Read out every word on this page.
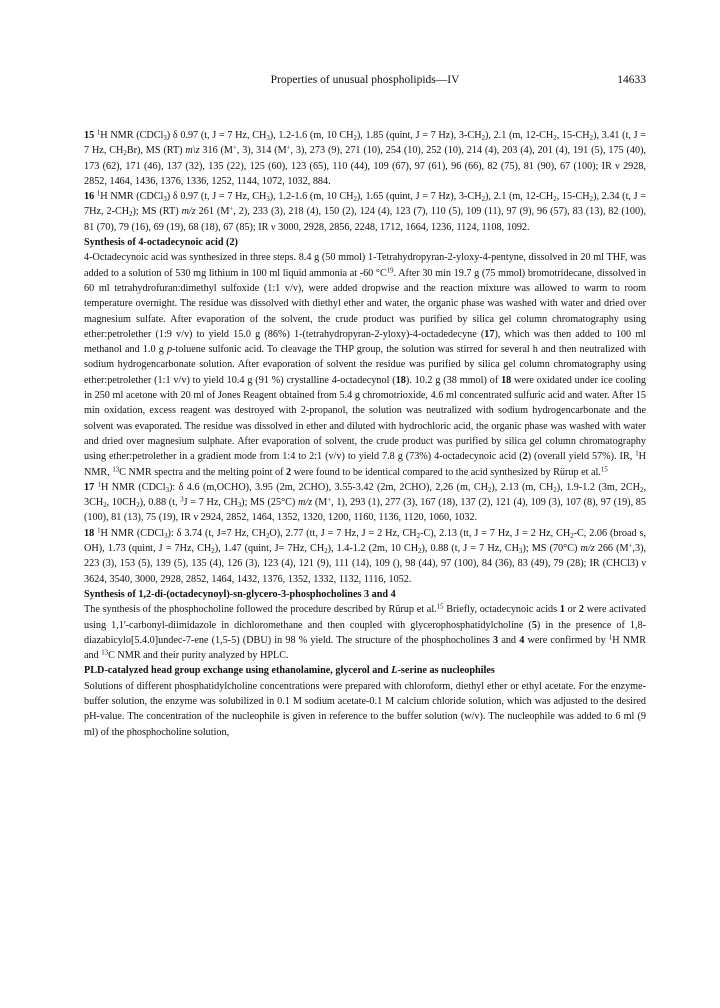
Properties of unusual phospholipids—IV	14633

15 $^1$H NMR (CDCl$_3$) δ 0.97 (t, J = 7 Hz, $CH_3$), 1.2-1.6 (m, 10 $CH_2$), 1.85 (quint, J = 7 Hz), $3-CH_2$), 2.1 (m, $12-CH_2$, $15-CH_2$), 3.41 (t, J = 7 Hz, $CH_2Br$), MS (RT) m\z 316 (M+, 3), 314 (M+, 3), 273 (9), 271 (10), 254 (10), 252 (10), 214 (4), 203 (4), 201 (4), 191 (5), 175 (40), 173 (62), 171 (46), 137 (32), 135 (22), 125 (60), 123 (65), 110 (44), 109 (67), 97 (61), 96 (66), 82 (75), 81 (90), 67 (100); IR ν 2928, 2852, 1464, 1436, 1376, 1336, 1252, 1144, 1072, 1032, 884.

16 $^1$H NMR (CDCl$_3$) δ 0.97 (t, J = 7 Hz, $CH_3$), 1.2-1.6 (m, 10 $CH_2$), 1.65 (quint, J = 7 Hz), $3-CH_2$), 2.1 (m, $12-CH_2$, $15-CH_2$), 2.34 (t, J = 7Hz, $2-CH_2$); MS (RT) m/z 261 (M+, 2), 233 (3), 218 (4), 150 (2), 124 (4), 123 (7), 110 (5), 109 (11), 97 (9), 96 (57), 83 (13), 82 (100), 81 (70), 79 (16), 69 (19), 68 (18), 67 (85); IR ν 3000, 2928, 2856, 2248, 1712, 1664, 1236, 1124, 1108, 1092.

Synthesis of 4-octadecynoic acid (2)

4-Octadecynoic acid was synthesized in three steps. 8.4 g (50 mmol) 1-Tetrahydropyran-2-yloxy-4-pentyne, dissolved in 20 ml THF, was added to a solution of 530 mg lithium in 100 ml liquid ammonia at -60 $^\circ C^{19}$. After 30 min 19.7 g (75 mmol) bromotridecane, dissolved in 60 ml tetrahydrofuran:dimethyl sulfoxide (1:1 v/v), were added dropwise and the reaction mixture was allowed to warm to room temperature overnight. The residue was dissolved with diethyl ether and water, the organic phase was washed with water and dried over magnesium sulfate. After evaporation of the solvent, the crude product was purified by silica gel column chromatography using ether:petrolether (1:9 v/v) to yield 15.0 g (86%) 1-(tetrahydropyran-2-yloxy)-4-octadedecyne (17), which was then added to 100 ml methanol and 1.0 g p-toluene sulfonic acid. To cleavage the THP group, the solution was stirred for several h and then neutralized with sodium hydrogencarbonate solution. After evaporation of solvent the residue was purified by silica gel column chromatography using ether:petrolether (1:1 v/v) to yield 10.4 g (91 %) crystalline 4-octadecynol (18). 10.2 g (38 mmol) of 18 were oxidated under ice cooling in 250 ml acetone with 20 ml of Jones Reagent obtained from 5.4 g chromotrioxide, 4.6 ml concentrated sulfuric acid and water. After 15 min oxidation, excess reagent was destroyed with 2-propanol, the solution was neutralized with sodium hydrogencarbonate and the solvent was evaporated. The residue was dissolved in ether and diluted with hydrochloric acid, the organic phase was washed with water and dried over magnesium sulphate. After evaporation of solvent, the crude product was purified by silica gel column chromatography using ether:petrolether in a gradient mode from 1:4 to 2:1 (v/v) to yield 7.8 g (73%) 4-octadecynoic acid (2) (overall yield 57%). IR, $^1$H NMR, $^{13}$C NMR spectra and the melting point of 2 were found to be identical compared to the acid synthesized by Rürup et al.$^{15}$

17 $^1$H NMR (CDCl$_3$): δ 4.6 (m,OCHO), 3.95 (2m, 2CHO), 3.55-3.42 (2m, 2CHO), 2,26 (m, $CH_2$), 2.13 (m, $CH_2$), 1.9-1.2 (3m, $2CH_2$, $3CH_2$, $10CH_2$), 0.88 (t, $^3$J = 7 Hz, $CH_3$); MS (25°C) m/z (M+, 1), 293 (1), 277 (3), 167 (18), 137 (2), 121 (4), 109 (3), 107 (8), 97 (19), 85 (100), 81 (13), 75 (19), IR ν 2924, 2852, 1464, 1352, 1320, 1200, 1160, 1136, 1120, 1060, 1032.

18 $^1$H NMR (CDCl$_3$): δ 3.74 (t, J=7 Hz, $CH_2O$), 2.77 (tt, J = 7 Hz, J = 2 Hz, $CH_2-C$), 2.13 (tt, J = 7 Hz, J = 2 Hz, $CH_2-C$, 2.06 (broad s, OH), 1.73 (quint, J = 7Hz, $CH_2$), 1.47 (quint, J= 7Hz, $CH_2$), 1.4-1.2 (2m, 10 $CH_2$), 0.88 (t, J = 7 Hz, $CH_3$); MS (70°C) m/z 266 (M+,3), 223 (3), 153 (5), 139 (5), 135 (4), 126 (3), 123 (4), 121 (9), 111 (14), 109 (), 98 (44), 97 (100), 84 (36), 83 (49), 79 (28); IR (CHCl3) ν 3624, 3540, 3000, 2928, 2852, 1464, 1432, 1376, 1352, 1332, 1132, 1116, 1052.

Synthesis of 1,2-di-(octadecynoyl)-sn-glycero-3-phosphocholines 3 and 4

The synthesis of the phosphocholine followed the procedure described by Rürup et al.$^{15}$ Briefly, octadecynoic acids 1 or 2 were activated using 1,1'-carbonyl-diimidazole in dichloromethane and then coupled with glycerophosphatidylcholine (5) in the presence of 1,8-diazabicylo[5.4.0]undec-7-ene (1,5-5) (DBU) in 98 % yield. The structure of the phosphocholines 3 and 4 were confirmed by $^1$H NMR and $^{13}$C NMR and their purity analyzed by HPLC.

PLD-catalyzed head group exchange using ethanolamine, glycerol and L-serine as nucleophiles

Solutions of different phosphatidylcholine concentrations were prepared with chloroform, diethyl ether or ethyl acetate. For the enzyme-buffer solution, the enzyme was solubilized in 0.1 M sodium acetate-0.1 M calcium chloride solution, which was adjusted to the desired pH-value. The concentration of the nucleophile is given in reference to the buffer solution (w/v). The nucleophile was added to 6 ml (9 ml) of the phosphocholine solution,
